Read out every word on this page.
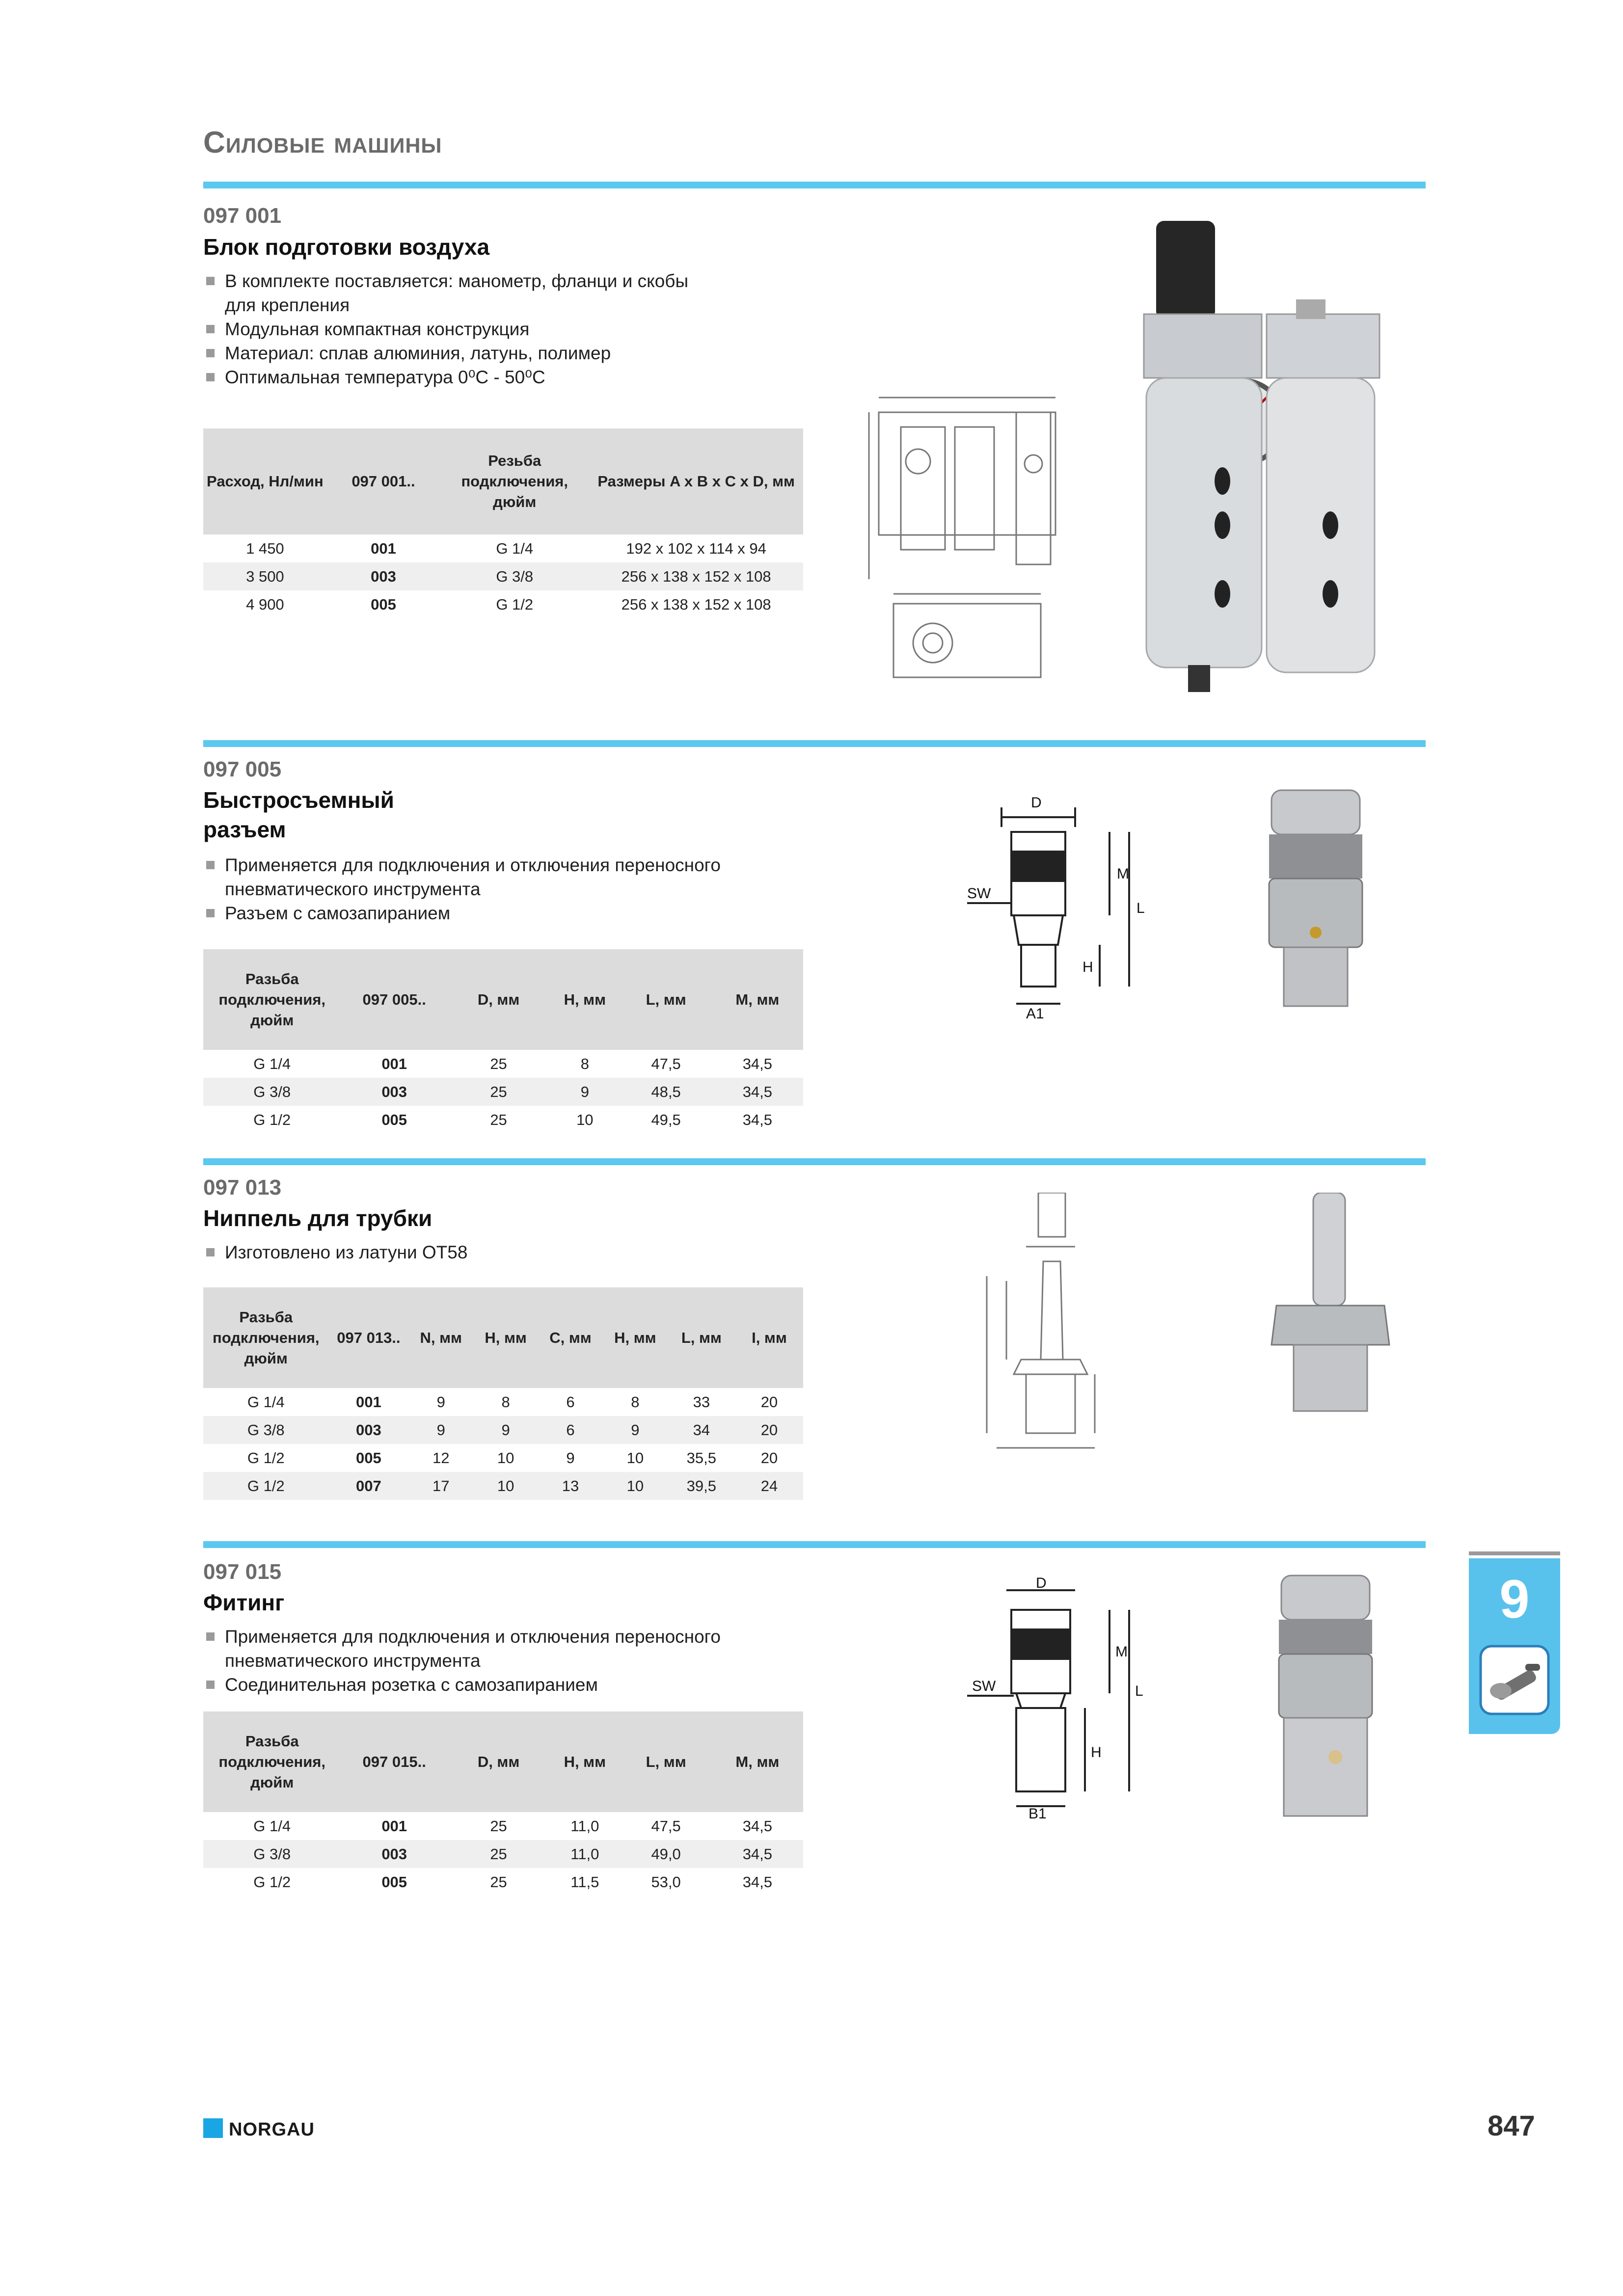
Силовые машины
097 001
Блок подготовки воздуха
В комплекте поставляется: манометр, фланци и скобы
для крепления
Модульная компактная конструкция
Материал: сплав алюминия, латунь, полимер
Оптимальная температура 0⁰С - 50⁰С
Расход, Нл/мин	097 001..	Резьба подключения, дюйм	Размеры A x B x C x D, мм
1 450	001	G 1/4	192 x 102 x 114 x 94
3 500	003	G 3/8	256 x 138 x 152 x 108
4 900	005	G 1/2	256 x 138 x 152 x 108
097 005
Быстросъемный
разъем
Применяется для подключения и отключения переносного
пневматического инструмента
Разъем с самозапиранием
Разьба подключения, дюйм	097 005..	D, мм	H, мм	L, мм	M, мм
G 1/4	001	25	8	47,5	34,5
G 3/8	003	25	9	48,5	34,5
G 1/2	005	25	10	49,5	34,5
D
M
L
SW
H
A1
097 013
Ниппель для трубки
Изготовлено из латуни OT58
Разьба подключения, дюйм	097 013..	N, мм	H, мм	C, мм	H, мм	L, мм	I, мм
G 1/4	001	9	8	6	8	33	20
G 3/8	003	9	9	6	9	34	20
G 1/2	005	12	10	9	10	35,5	20
G 1/2	007	17	10	13	10	39,5	24
097 015
Фитинг
Применяется для подключения и отключения переносного
пневматического инструмента
Соединительная розетка с самозапиранием
Разьба подключения, дюйм	097 015..	D, мм	H, мм	L, мм	M, мм
G 1/4	001	25	11,0	47,5	34,5
G 3/8	003	25	11,0	49,0	34,5
G 1/2	005	25	11,5	53,0	34,5
D
M
L
SW
H
B1
9
NORGAU	847
